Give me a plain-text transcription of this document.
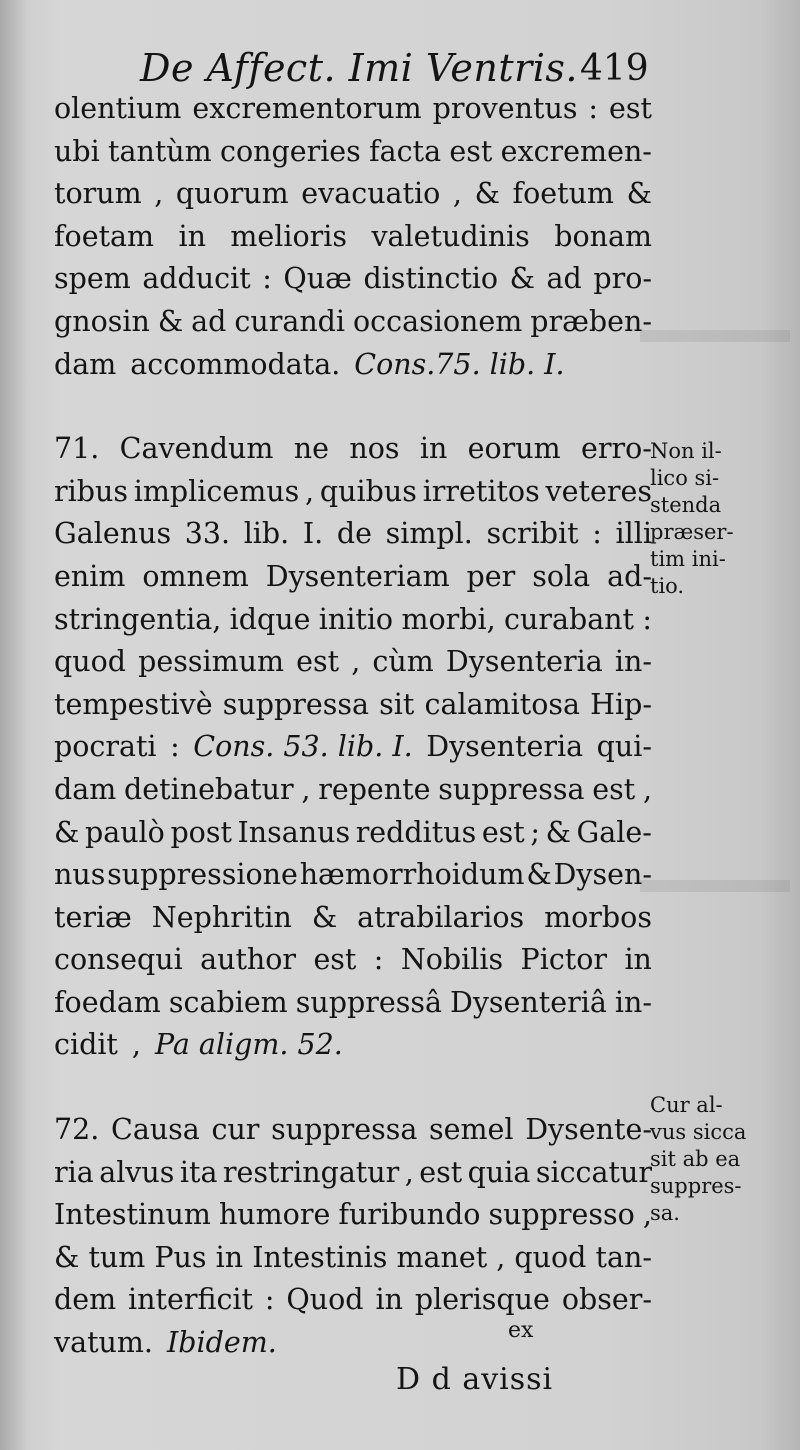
De Affect. Imi Ventris. 419
olentium excrementorum proventus : est
ubi tantùm congeries facta est excremen-
torum , quorum evacuatio , & foetum &
foetam in melioris valetudinis bonam
spem adducit : Quæ distinctio & ad pro-
gnosin & ad curandi occasionem præben-
dam accommodata. Cons.75. lib. I.
71. Cavendum ne nos in eorum erro-
ribus implicemus , quibus irretitos veteres
Galenus 33. lib. I. de simpl. scribit : illi
enim omnem Dysenteriam per sola ad-
stringentia, idque initio morbi, curabant :
quod pessimum est , cùm Dysenteria in-
tempestivè suppressa sit calamitosa Hip-
pocrati : Cons. 53. lib. I. Dysenteria qui-
dam detinebatur , repente suppressa est ,
& paulò post Insanus redditus est ; & Gale-
nus suppressione hæmorrhoidum & Dysen-
teriæ Nephritin & atrabilarios morbos
consequi author est : Nobilis Pictor in
foedam scabiem suppressâ Dysenteriâ in-
cidit , Pa aligm. 52.
72. Causa cur suppressa semel Dysente-
ria alvus ita restringatur , est quia siccatur
Intestinum humore furibundo suppresso ,
& tum Pus in Intestinis manet , quod tan-
dem interficit : Quod in plerisque obser-
vatum. Ibidem.
Non il-
lico si-
stenda
præser-
tim ini-
tio.
Cur al-
vus sicca
sit ab ea
suppres-
sa.
ex
D d avissi
